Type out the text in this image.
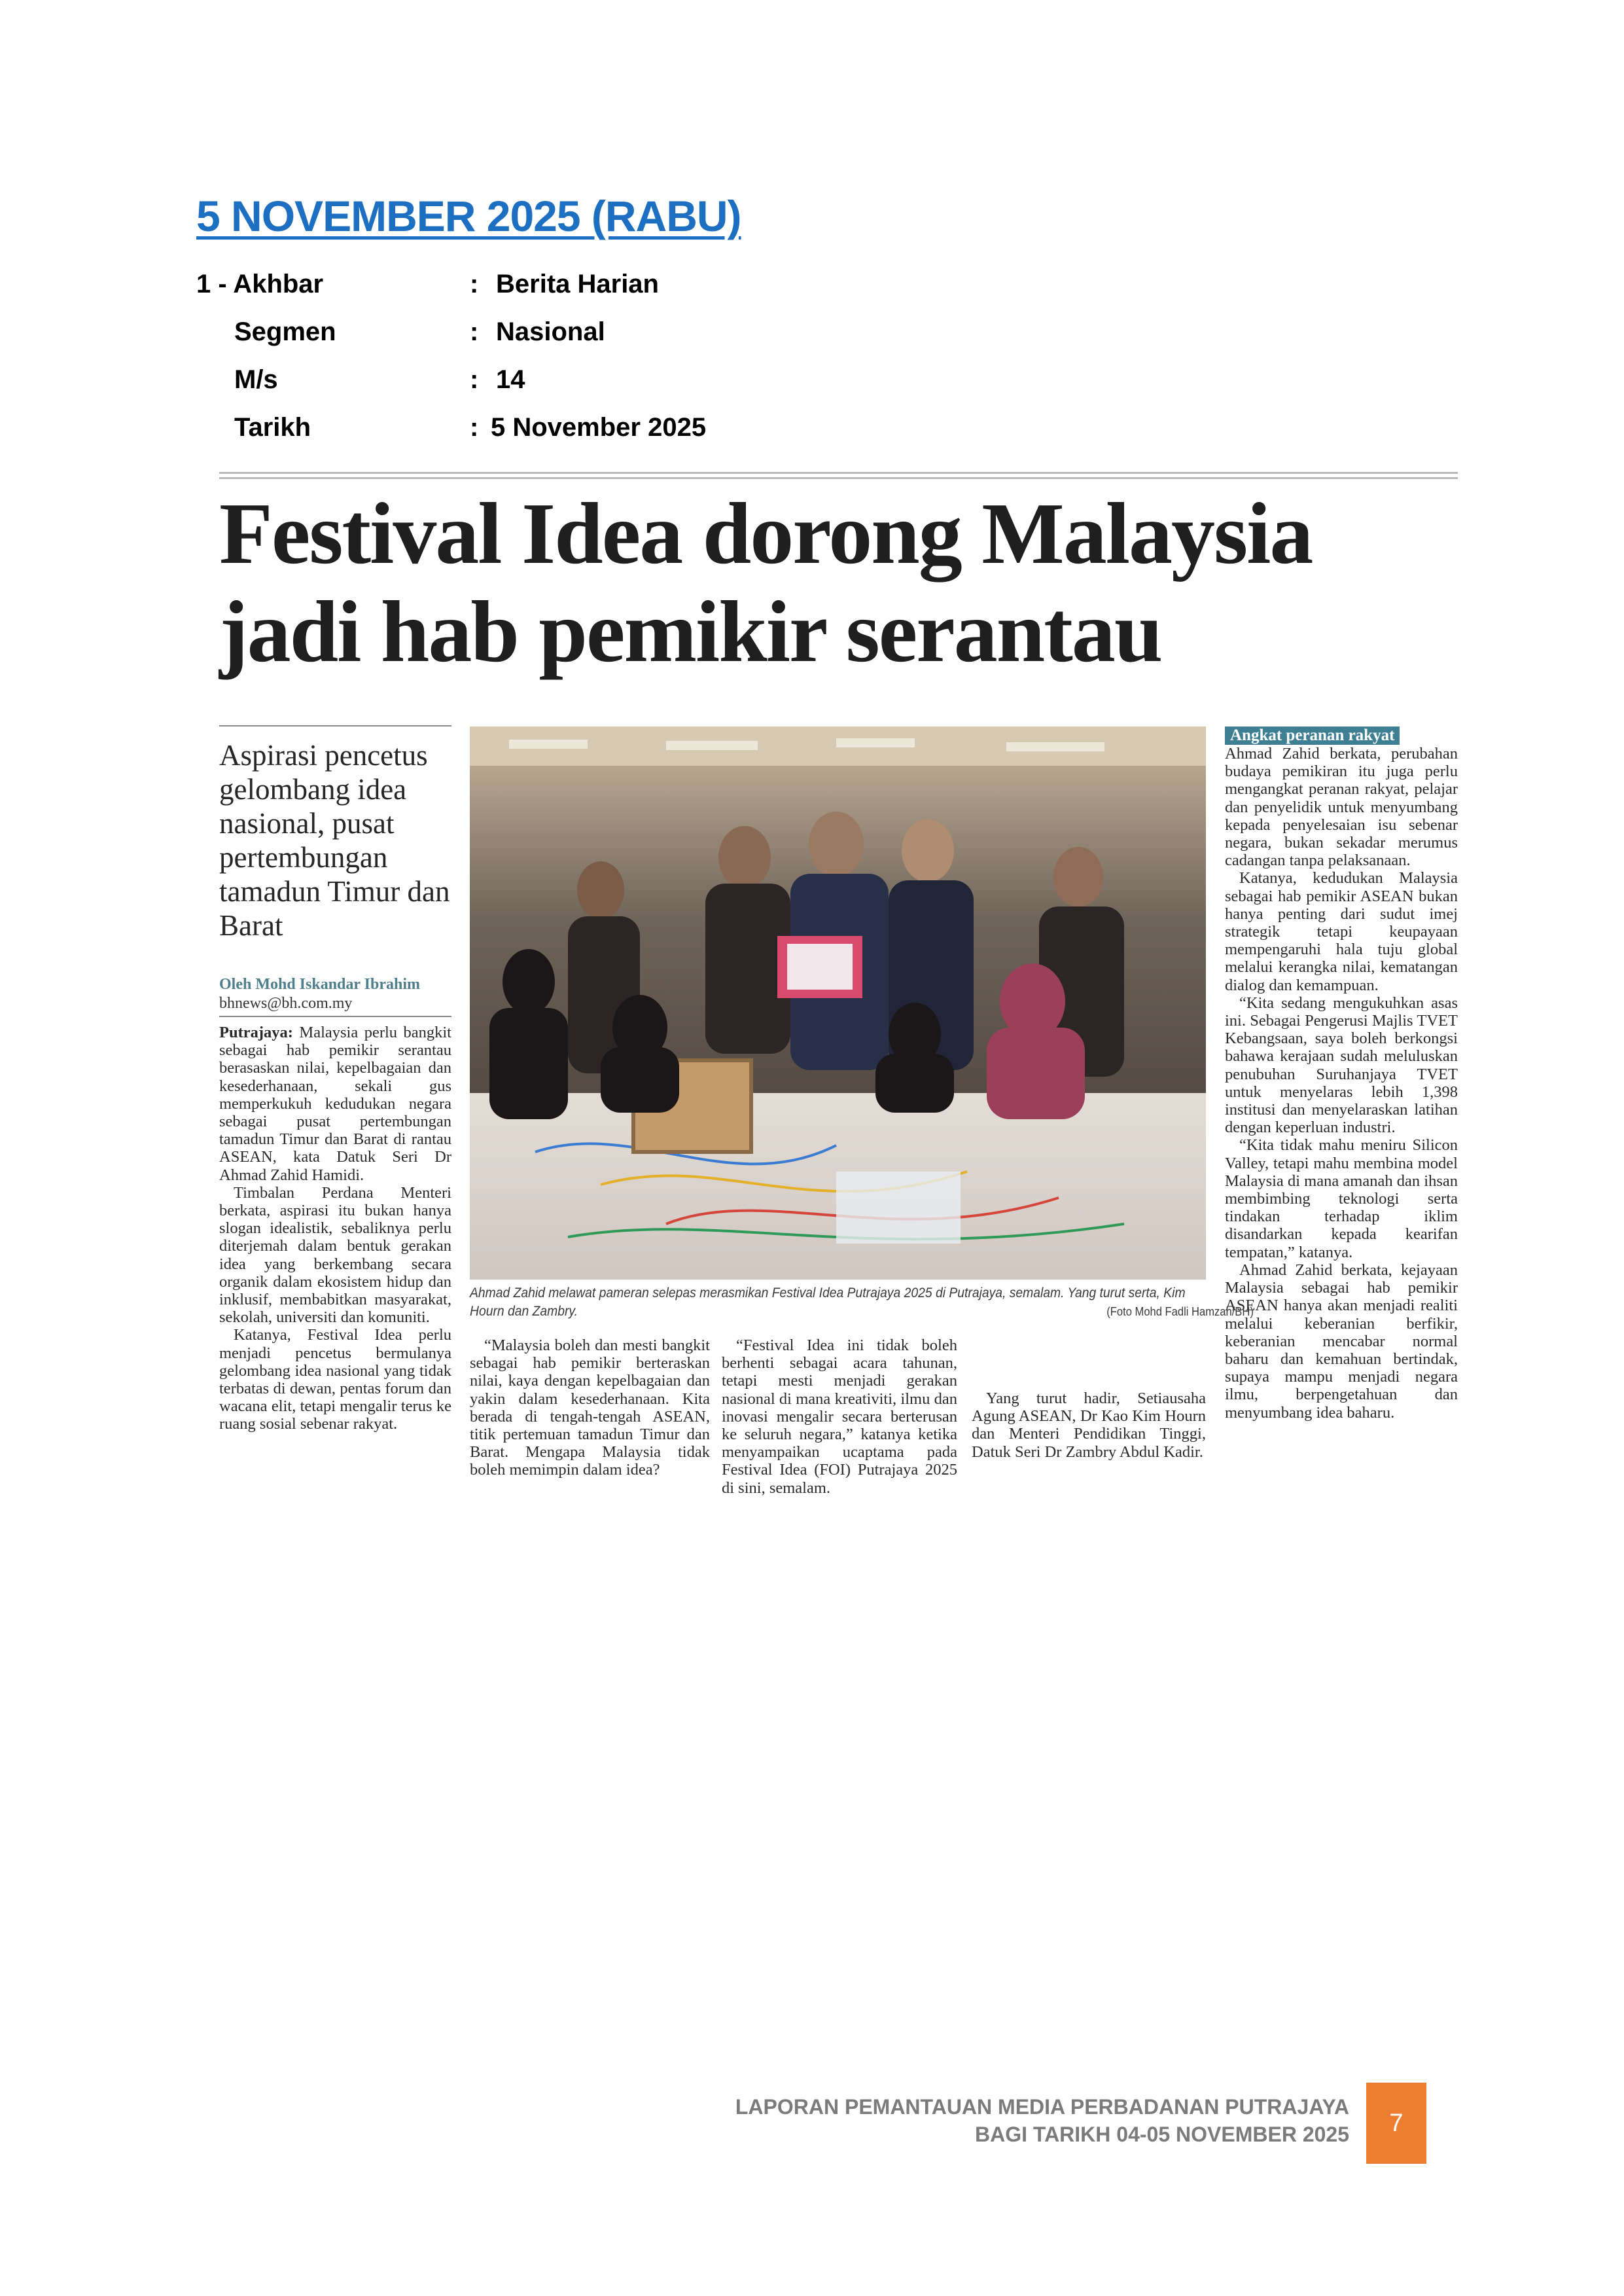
5 NOVEMBER 2025 (RABU)
1 - Akhbar	: Berita Harian
Segmen	: Nasional
M/s	: 14
Tarikh	: 5 November 2025
Festival Idea dorong Malaysia
jadi hab pemikir serantau
Aspirasi pencetus gelombang idea nasional, pusat pertembungan tamadun Timur dan Barat
Oleh Mohd Iskandar Ibrahim
bhnews@bh.com.my

Putrajaya: Malaysia perlu bangkit sebagai hab pemikir serantau berasaskan nilai, kepelbagaian dan kesederhanaan, sekali gus memperkukuh kedudukan negara sebagai pusat pertembungan tamadun Timur dan Barat di rantau ASEAN, kata Datuk Seri Dr Ahmad Zahid Hamidi.

Timbalan Perdana Menteri berkata, aspirasi itu bukan hanya slogan idealistik, sebaliknya perlu diterjemah dalam bentuk gerakan idea yang berkembang secara organik dalam ekosistem hidup dan inklusif, membabitkan masyarakat, sekolah, universiti dan komuniti.

Katanya, Festival Idea perlu menjadi pencetus bermulanya gelombang idea nasional yang tidak terbatas di dewan, pentas forum dan wacana elit, tetapi mengalir terus ke ruang sosial sebenar rakyat.

Ahmad Zahid melawat pameran selepas merasmikan Festival Idea Putrajaya 2025 di Putrajaya, semalam. Yang turut serta, Kim Hourn dan Zambry.	(Foto Mohd Fadli Hamzah/BH)

“Malaysia boleh dan mesti bangkit sebagai hab pemikir berteraskan nilai, kaya dengan kepelbagaian dan yakin dalam kesederhanaan. Kita berada di tengah-tengah ASEAN, titik pertemuan tamadun Timur dan Barat. Mengapa Malaysia tidak boleh memimpin dalam idea?

“Festival Idea ini tidak boleh berhenti sebagai acara tahunan, tetapi mesti menjadi gerakan nasional di mana kreativiti, ilmu dan inovasi mengalir secara berterusan ke seluruh negara,” katanya ketika menyampaikan ucaptama pada Festival Idea (FOI) Putrajaya 2025 di sini, semalam.

Yang turut hadir, Setiausaha Agung ASEAN, Dr Kao Kim Hourn dan Menteri Pendidikan Tinggi, Datuk Seri Dr Zambry Abdul Kadir.

Angkat peranan rakyat

Ahmad Zahid berkata, perubahan budaya pemikiran itu juga perlu mengangkat peranan rakyat, pelajar dan penyelidik untuk menyumbang kepada penyelesaian isu sebenar negara, bukan sekadar merumus cadangan tanpa pelaksanaan.

Katanya, kedudukan Malaysia sebagai hab pemikir ASEAN bukan hanya penting dari sudut imej strategik tetapi keupayaan mempengaruhi hala tuju global melalui kerangka nilai, kematangan dialog dan kemampuan.

“Kita sedang mengukuhkan asas ini. Sebagai Pengerusi Majlis TVET Kebangsaan, saya boleh berkongsi bahawa kerajaan sudah meluluskan penubuhan Suruhanjaya TVET untuk menyelaras lebih 1,398 institusi dan menyelaraskan latihan dengan keperluan industri.

“Kita tidak mahu meniru Silicon Valley, tetapi mahu membina model Malaysia di mana amanah dan ihsan membimbing teknologi serta tindakan terhadap iklim disandarkan kepada kearifan tempatan,” katanya.

Ahmad Zahid berkata, kejayaan Malaysia sebagai hab pemikir ASEAN hanya akan menjadi realiti melalui keberanian berfikir, keberanian mencabar normal baharu dan kemahuan bertindak, supaya mampu menjadi negara ilmu, berpengetahuan dan menyumbang idea baharu.

LAPORAN PEMANTAUAN MEDIA PERBADANAN PUTRAJAYA
BAGI TARIKH 04-05 NOVEMBER 2025	7
